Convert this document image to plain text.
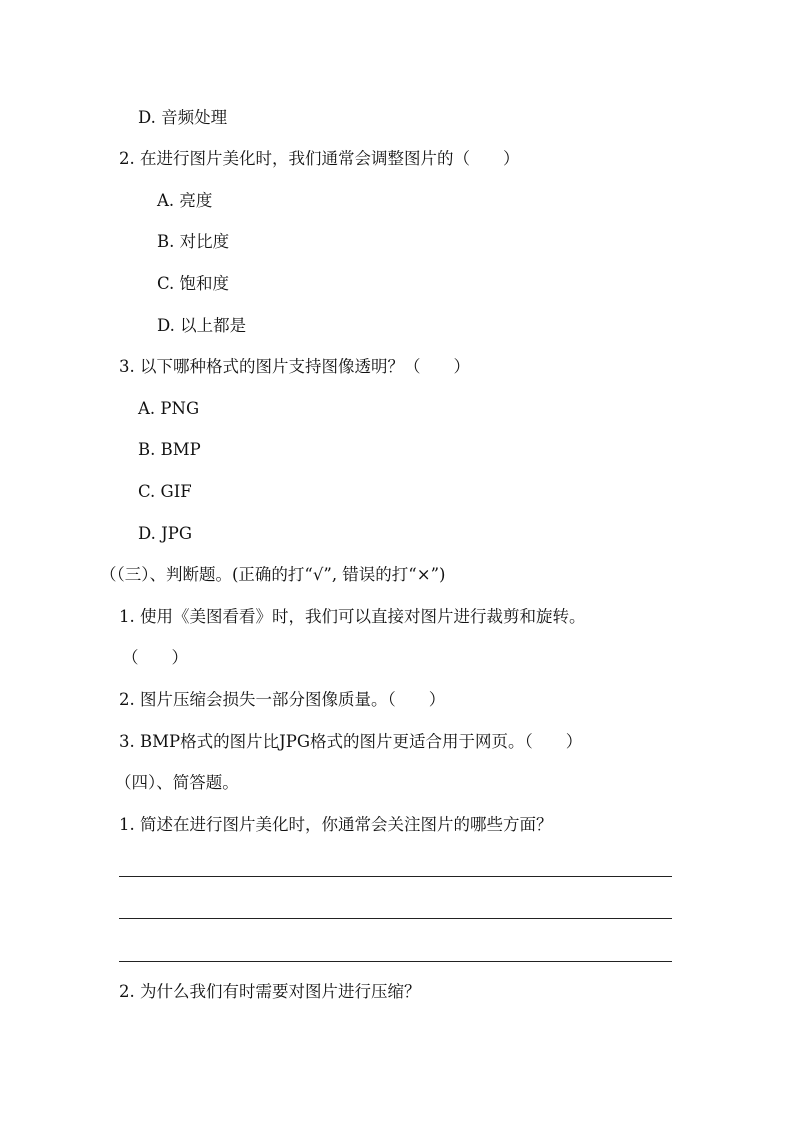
D. 音频处理
2. 在进行图片美化时，我们通常会调整图片的（　　）
A. 亮度
B. 对比度
C. 饱和度
D. 以上都是
3. 以下哪种格式的图片支持图像透明？（　　）
A. PNG
B. BMP
C. GIF
D. JPG
（（三）、判断题。(正确的打“√”, 错误的打“×”)
1. 使用《美图看看》时，我们可以直接对图片进行裁剪和旋转。
（　　）
2. 图片压缩会损失一部分图像质量。（　　）
3. BMP格式的图片比JPG格式的图片更适合用于网页。（　　）
（四）、简答题。
1. 简述在进行图片美化时，你通常会关注图片的哪些方面？
2. 为什么我们有时需要对图片进行压缩？
